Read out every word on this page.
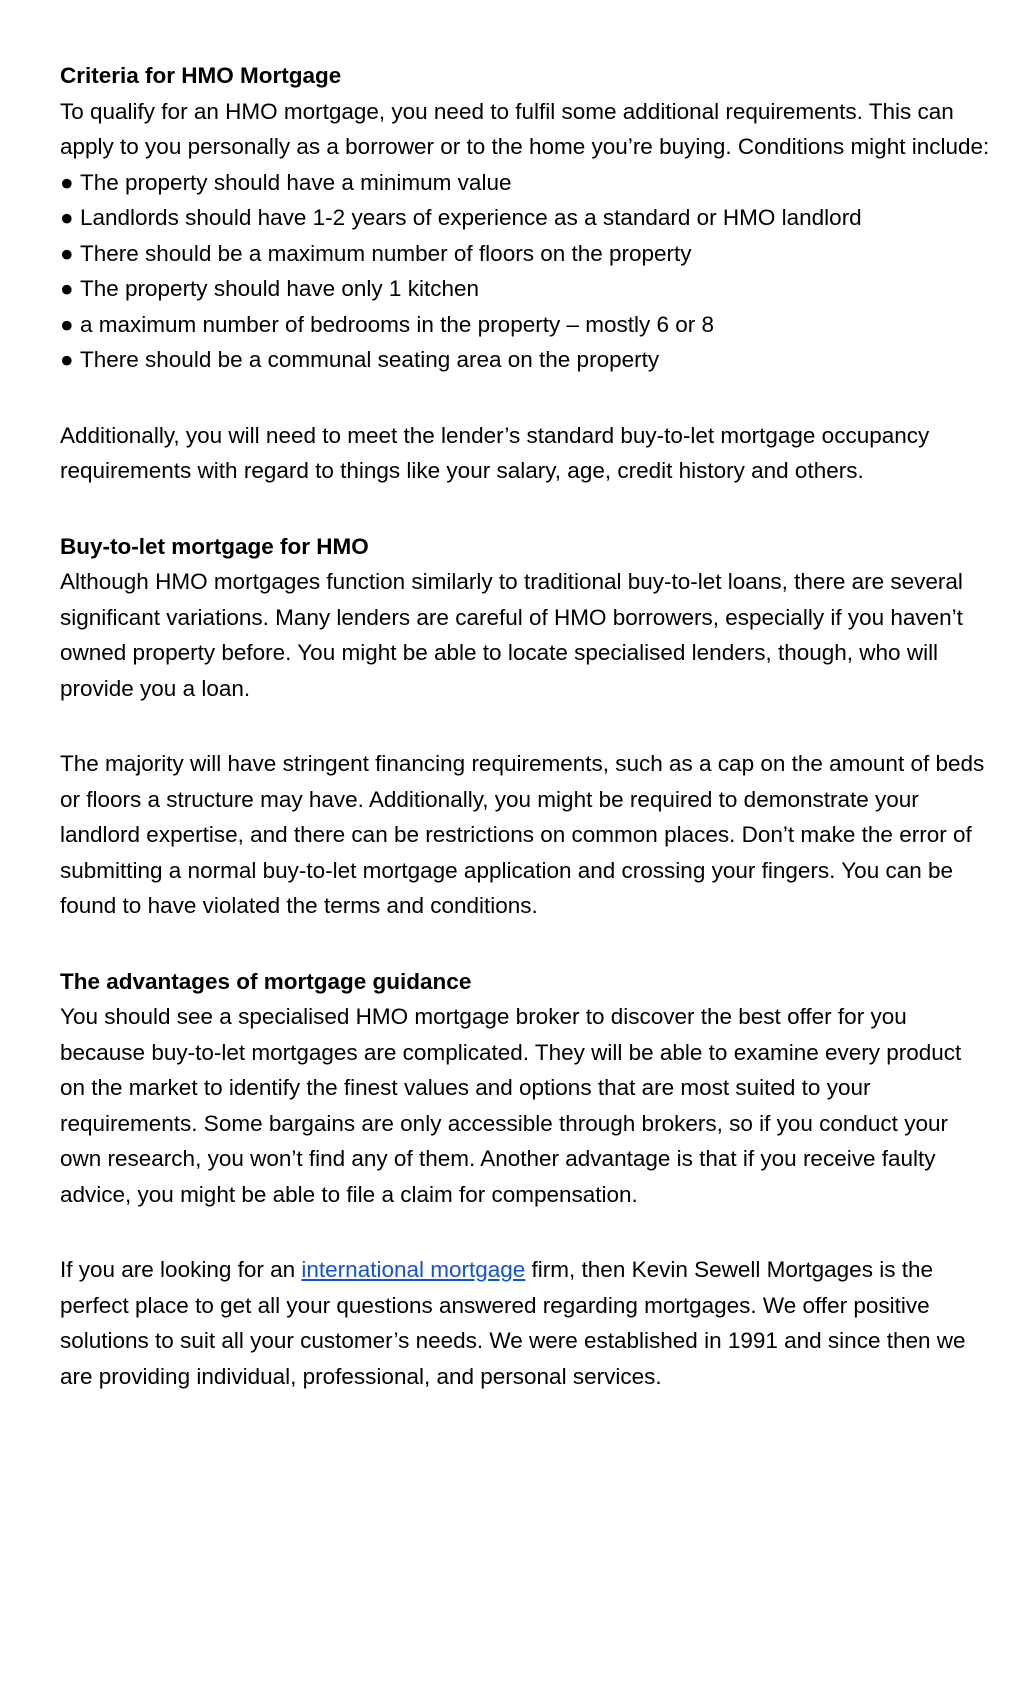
Criteria for HMO Mortgage

To qualify for an HMO mortgage, you need to fulfil some additional requirements. This can apply to you personally as a borrower or to the home you’re buying. Conditions might include:

● The property should have a minimum value
● Landlords should have 1-2 years of experience as a standard or HMO landlord
● There should be a maximum number of floors on the property
● The property should have only 1 kitchen
● a maximum number of bedrooms in the property – mostly 6 or 8
● There should be a communal seating area on the property

Additionally, you will need to meet the lender’s standard buy-to-let mortgage occupancy requirements with regard to things like your salary, age, credit history and others.

Buy-to-let mortgage for HMO

Although HMO mortgages function similarly to traditional buy-to-let loans, there are several significant variations. Many lenders are careful of HMO borrowers, especially if you haven’t owned property before. You might be able to locate specialised lenders, though, who will provide you a loan.

The majority will have stringent financing requirements, such as a cap on the amount of beds or floors a structure may have. Additionally, you might be required to demonstrate your landlord expertise, and there can be restrictions on common places. Don’t make the error of submitting a normal buy-to-let mortgage application and crossing your fingers. You can be found to have violated the terms and conditions.

The advantages of mortgage guidance

You should see a specialised HMO mortgage broker to discover the best offer for you because buy-to-let mortgages are complicated. They will be able to examine every product on the market to identify the finest values and options that are most suited to your requirements. Some bargains are only accessible through brokers, so if you conduct your own research, you won’t find any of them. Another advantage is that if you receive faulty advice, you might be able to file a claim for compensation.

If you are looking for an international mortgage firm, then Kevin Sewell Mortgages is the perfect place to get all your questions answered regarding mortgages. We offer positive solutions to suit all your customer’s needs. We were established in 1991 and since then we are providing individual, professional, and personal services.
